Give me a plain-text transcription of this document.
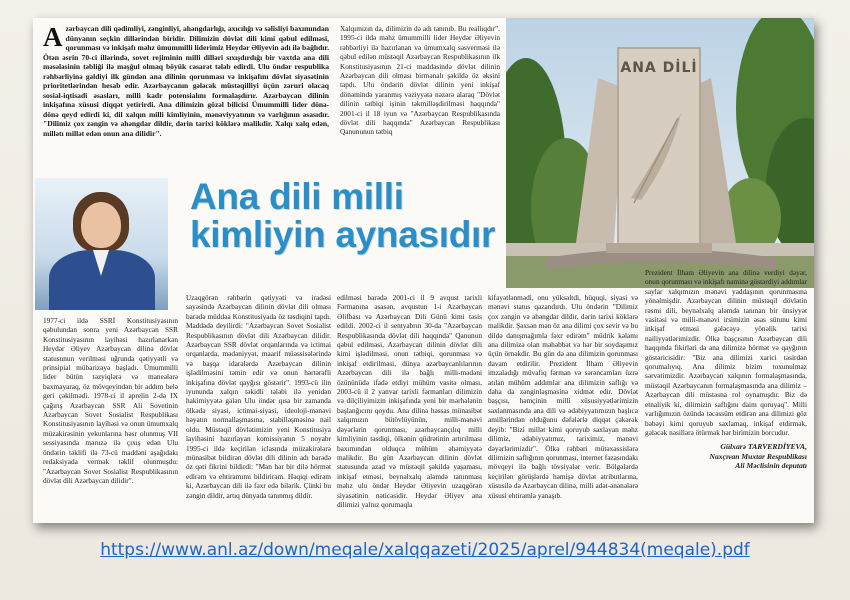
Azərbaycan dili qədimliyi, zənginliyi, ahəngdarlığı, axıcılığı və səlisliyi baxımından dünyanın seçkin dillərindən biridir. Dilimizin dövlət dili kimi qəbul edilməsi, qorunması və inkişafı məhz ümummilli liderimiz Heydər Əliyevin adı ilə bağlıdır. Ötən əsrin 70-ci illərində, sovet rejiminin milli dilləri sıxışdırdığı bir vaxtda ana dili məsələsinin təbliği ilə məşğul olmaq böyük cəsarət tələb edirdi. Ulu öndər respublika rəhbərliyinə gəldiyi ilk gündən ana dilinin qorunması və inkişafını dövlət siyasətinin prioritetlərindən hesab edir. Azərbaycanın gələcək müstəqilliyi üçün zəruri olacaq sosial-iqtisadi əsasları, milli kadr potensialını formalaşdırır. Azərbaycan dilinin inkişafına xüsusi diqqət yetirirdi. Ana dilimizin gözəl bilicisi Ümummilli lider dönə-dönə qeyd edirdi ki, dil xalqın milli kimliyinin, mənəviyyatının və varlığının əsasıdır. "Dilimiz çox zəngin və ahəngdar dildir, dərin tarixi köklərə malikdir. Xalqı xalq edən, millətı millət edən onun ana dilidir".
Xalqımızın da, dilimizin də adı tanınıb. Bu reallıqdır". 1995-ci ildə məhz ümummilli lider Heydər Əliyevin rəhbərliyi ilə hazırlanan və ümumxalq səsverməsi ilə qəbul edilən müstəqil Azərbaycan Respublikasının ilk Konstitusiyasının 21-ci maddəsində dövlət dilinin Azərbaycan dili olması birmənalı şəkildə öz əksini tapdı. Ulu öndərin dövlət dilinin yeni inkişaf dönəmində yaranmış vəziyyətə nəzərə alaraq "Dövlət dilinin tətbiqi işinin təkmilləşdirilməsi haqqında" 2001-ci il 18 iyun və "Azərbaycan Respublikasında dövlət dili haqqında" Azərbaycan Respublikası Qanununun tətbiq
ANA DİLİ
Ana dili milli kimliyin aynasıdır
1977-ci ildə SSRİ Konstitusiyasının qəbulundan sonra yeni Azərbaycan SSR Konstitusiyasının layihəsi hazırlanarkən Heydər Əliyev Azərbaycan dilinə dövlət statusunun verilməsi uğrunda qətiyyətli və prinsipial mübarizəyə başladı. Ümummilli lider bütün təzyiqlərə və maneələrə baxmayaraq, öz mövqeyindən bir addım belə geri çəkilmədi. 1978-ci il aprelin 2-də IX çağırış Azərbaycan SSR Ali Sovetinin Azərbaycan Sovet Sosialist Respublikası Konstitusiyasının layihəsi və onun ümumxalq müzakirəsinin yekunlarına həsr olunmuş VII sessiyasında məruzə ilə çıxış edən Ulu öndərin təklifi ilə 73-cü maddəni aşağıdakı redaksiyada vermək təklif olunmuşdu: "Azərbaycan Sovet Sosialist Respublikasının dövlət dili Azərbaycan dilidir".
Uzaqgörən rəhbərin qətiyyəti və iradəsi sayəsində Azərbaycan dilinin dövlət dili olması barədə müddəa Konstitusiyada öz təsdiqini tapdı. Maddədə deyilirdi: "Azərbaycan Sovet Sosialist Respublikasının dövlət dili Azərbaycan dilidir. Azərbaycan SSR dövlət orqanlarında və ictimai orqanlarda, mədəniyyət, maarif müəssisələrində və başqa idarələrdə Azərbaycan dilinin işlədilməsini təmin edir və onun hərtərəfli inkişafına dövlət qayğısı göstərir". 1993-cü ilin iyununda xalqın təkidli tələbi ilə yenidən hakimiyyətə gələn Ulu öndər qısa bir zamanda ölkədə siyasi, ictimai-siyasi, ideoloji-mənəvi həyatın normallaşmasına, stabilləşməsinə nail oldu. Müstəqil dövlətimizin yeni Konstitusiya layihəsini hazırlayan komissiyanın 5 noyabr 1995-ci ildə keçirilən iclasında müzakirələrə münasibət bildirən dövlət dili dilinin adı barədə öz qəti fikrini bildirdi: "Mən hər bir dilə hörmət edirəm və ehtiramımı bildirirəm. Həqiqi edirəm ki, Azərbaycan dili ilə fəxr edə bilərik. Çünki bu zəngin dildir, artıq dünyada tanınmış dildir.
edilməsi barədə 2001-ci il 9 avqust tarixli Fərmanına əsasən, avqustun 1-i Azərbaycan Əlifbası və Azərbaycan Dili Günü kimi təsis edildi. 2002-ci il sentyabrın 30-da "Azərbaycan Respublikasında dövlət dili haqqında" Qanunun qəbul edilməsi, Azərbaycan dilinin dövlət dili kimi işlədilməsi, onun tətbiqi, qorunması və inkişaf etdirilməsi, dünya azərbaycanlılarının Azərbaycan dili ilə bağlı milli-mədəni özününüdə ifadə etdiyi mühüm vasitə olması, 2003-cü il 2 yanvar tarixli fərmanları dilimizin və dilçiliyimizin inkişafında yeni bir mərhələnin başlanğıcını qoydu. Ana dilinə həssas münasibət xalqımızın bütövlüyünün, milli-mənəvi dəyərlərin qorunması, azərbaycançılıq milli kimliyinin təsdiqi, ölkənin qüdrətinin artırılması baxımından olduqca mühüm əhəmiyyətə malikdir. Bu gün Azərbaycan dilinin dövlət statusunda azad və müstəqil şəkildə yaşaması, inkişaf etməsi, beynəlxalq aləmdə tanınması məhz ulu öndər Heydər Əliyevin uzaqgörən siyasətinin nəticəsidir. Heydər Əliyev ana dilimizi yalnız qorumaqla
kifayətlənmədi, onu yüksəltdi, hüquqi, siyasi və mənəvi status qazandırdı. Ulu öndərin "Dilimiz çox zəngin və ahəngdar dildir, dərin tarixi köklərə malikdir. Şəxsən mən öz ana dilimi çox sevir və bu dildə danışmağımla fəxr edirəm" müdrik kəlamı ana dilimizə olan məhəbbət və hər bir soydaşımız üçün örnəkdir. Bu gün də ana dilimizin qorunması davam etdirilir. Prezident İlham Əliyevin imzaladığı müvafiq fərman və sərəncamları üzrə atılan mühüm addımlar ana dilimizin saflığı və daha da zənginləşməsinə xidmət edir. Dövlət başçısı, həmçinin milli xüsusiyyətlərimizin saxlanmasında ana dili və ədəbiyyatımızın başlıca amillərindən olduğunu dəfələrlə diqqət çəkərək deyib: "Bizi millət kimi qoruyub saxlayan məhz dilimiz, ədəbiyyatımız, tariximiz, mənəvi dəyərlərimizdir". Ölkə rəhbəri mütəxəssislərə dilimizin saflığının qorunması, internet fəzasındakı mövqeyi ilə bağlı tövsiyələr verir. Bölgələrdə keçirilən görüşlərdə həmişə dövlət atributlarına, xüsusilə də Azərbaycan dilinə, milli adət-ənənələrə xüsusi ehtiramla yanaşıb.
Prezident İlham Əliyevin ana dilinə verdiyi dəyər, onun qorunması və inkişafı naminə göstərdiyi addımlar saylar xalqımızın mənəvi yaddaşının qorunmasına yönəlmişdir. Azərbaycan dilinin müstəqil dövlətin rəsmi dili, beynəlxalq aləmdə tanınan bir ünsiyyət vasitəsi və milli-mənəvi irsimizin əsas sütunu kimi inkişaf etməsi gələcəyə yönəlik tarixi nailiyyətlərimizdir. Ölkə başçısının Azərbaycan dili haqqında fikirləri də ana dilimizə hörmət və qayğının göstəricisidir: "Biz ana dilimizi xarici təsirdən qorumalıyıq. Ana dilimiz bizim toxunulmaz sərvətimizdir. Azərbaycan xalqının formalaşmasında, müstəqil Azərbaycanın formalaşmasında ana dilimiz – Azərbaycan dili müstəsna rol oynamışdır. Biz də etnaliyik ki, dilimizin saflığını daim qoruyaq". Milli varlığımızın özündə təcəssüm etdirən ana dilimizi göz bəbəyi kimi qoruyub saxlamaq, inkişaf etdirmək, gələcək nəsillərə ötürmək hər birimizin borcudur.
Gülxarə TARVERDİYEVA,
Naxçıvan Muxtar Respublikası
Ali Məclisinin deputatı
https://www.anl.az/down/meqale/xalqqazeti/2025/aprel/944834(meqale).pdf
